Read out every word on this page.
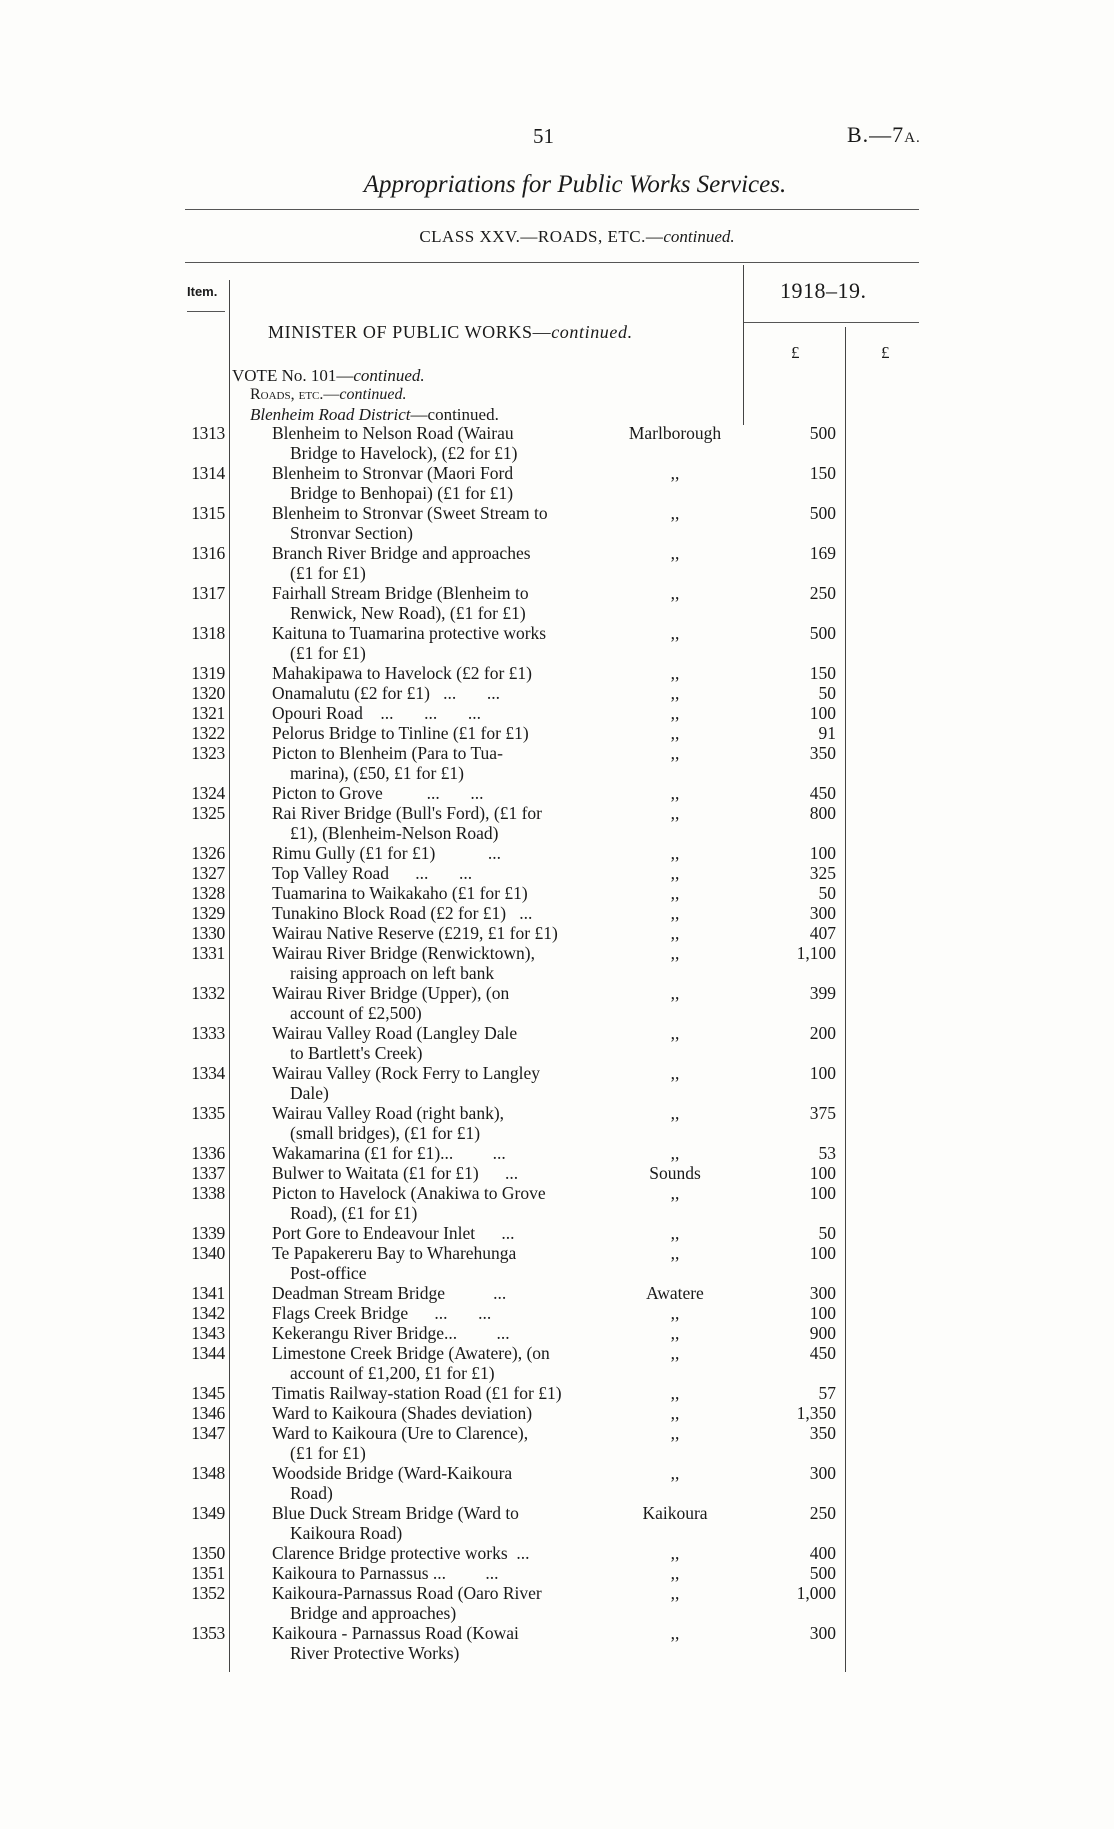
51	B.—7A.
Appropriations for Public Works Services.
CLASS XXV.—ROADS, ETC.—continued.
Item.	1918–19.
£	£
MINISTER OF PUBLIC WORKS—continued.
VOTE No. 101—continued.
Roads, etc.—continued.
Blenheim Road District—continued.
1313	Blenheim to Nelson Road (Wairau
Bridge to Havelock), (£2 for £1)
Marlborough	500
1314	Blenheim to Stronvar (Maori Ford
Bridge to Benhopai) (£1 for £1)
,,	150
1315	Blenheim to Stronvar (Sweet Stream to
Stronvar Section)
,,	500
1316	Branch River Bridge and approaches
(£1 for £1)
,,	169
1317	Fairhall Stream Bridge (Blenheim to
Renwick, New Road), (£1 for £1)
,,	250
1318	Kaituna to Tuamarina protective works
(£1 for £1)
,,	500
1319	Mahakipawa to Havelock (£2 for £1)	,,	150
1320	Onamalutu (£2 for £1)   ...       ...	,,	50
1321	Opouri Road    ...       ...       ...	,,	100
1322	Pelorus Bridge to Tinline (£1 for £1)	,,	91
1323	Picton to Blenheim (Para to Tua-
marina), (£50, £1 for £1)
,,	350
1324	Picton to Grove          ...       ...	,,	450
1325	Rai River Bridge (Bull's Ford), (£1 for
£1), (Blenheim-Nelson Road)
,,	800
1326	Rimu Gully (£1 for £1)            ...	,,	100
1327	Top Valley Road      ...       ...	,,	325
1328	Tuamarina to Waikakaho (£1 for £1)	,,	50
1329	Tunakino Block Road (£2 for £1)   ...	,,	300
1330	Wairau Native Reserve (£219, £1 for £1)	,,	407
1331	Wairau River Bridge (Renwicktown),
raising approach on left bank
,,	1,100
1332	Wairau River Bridge (Upper), (on
account of £2,500)
,,	399
1333	Wairau Valley Road (Langley Dale
to Bartlett's Creek)
,,	200
1334	Wairau Valley (Rock Ferry to Langley
Dale)
,,	100
1335	Wairau Valley Road (right bank),
(small bridges), (£1 for £1)
,,	375
1336	Wakamarina (£1 for £1)...         ...	,,	53
1337	Bulwer to Waitata (£1 for £1)      ...	Sounds	100
1338	Picton to Havelock (Anakiwa to Grove
Road), (£1 for £1)
,,	100
1339	Port Gore to Endeavour Inlet      ...	,,	50
1340	Te Papakereru Bay to Wharehunga
Post-office
,,	100
1341	Deadman Stream Bridge           ...	Awatere	300
1342	Flags Creek Bridge      ...       ...	,,	100
1343	Kekerangu River Bridge...         ...	,,	900
1344	Limestone Creek Bridge (Awatere), (on
account of £1,200, £1 for £1)
,,	450
1345	Timatis Railway-station Road (£1 for £1)	,,	57
1346	Ward to Kaikoura (Shades deviation)	,,	1,350
1347	Ward to Kaikoura (Ure to Clarence),
(£1 for £1)
,,	350
1348	Woodside Bridge (Ward-Kaikoura
Road)
,,	300
1349	Blue Duck Stream Bridge (Ward to
Kaikoura Road)
Kaikoura	250
1350	Clarence Bridge protective works  ...	,,	400
1351	Kaikoura to Parnassus ...         ...	,,	500
1352	Kaikoura-Parnassus Road (Oaro River
Bridge and approaches)
,,	1,000
1353	Kaikoura - Parnassus Road (Kowai
River Protective Works)
,,	300
